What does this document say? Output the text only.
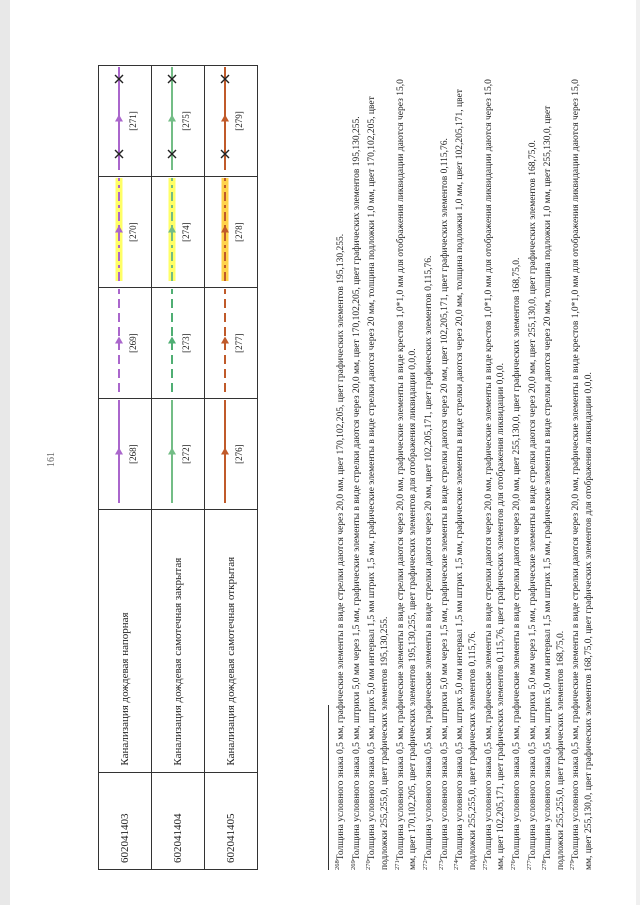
161
602041403	Канализация дождевая напорная	[268]	[269]	[270]	[271]

602041404	Канализация дождевая самотечная закрытая	[272]	[273]	[274]	[275]

602041405	Канализация дождевая самотечная открытая	[276]	[277]	[278]	[279]

$^{268}$Толщина условного знака 0,5 мм, графические элементы в виде стрелки даются через 20,0 мм, цвет 170,102,205, цвет графических элементов 195,130,255.

$^{269}$Толщина условного знака 0,5 мм, штрихи 5,0 мм через 1,5 мм, графические элементы в виде стрелки даются через 20,0 мм, цвет 170,102,205, цвет графических элементов 195,130,255.

$^{270}$Толщина условного знака 0,5 мм, штрих 5,0 мм интервал 1,5 мм штрих 1,5 мм, графические элементы в виде стрелки даются через 20 мм, толщина подложки 1,0 мм, цвет 170,102,205, цвет подложки 255,255,0, цвет графических элементов 195,130,255. $^{271}$Толщина условного знака 0,5 мм, графические элементы в виде стрелки даются через 20,0 мм, графические элементы в виде крестов 1,0*1,0 мм для отображения ликвидации даются через 15,0 мм, цвет 170,102,205, цвет графических элементов 195,130,255, цвет графических элементов для отображения ликвидации 0,0,0. $^{272}$Толщина условного знака 0,5 мм, графические элементы в виде стрелки даются через 20 мм, цвет 102,205,171, цвет графических элементов 0,115,76.

$^{273}$Толщина условного знака 0,5 мм, штрихи 5,0 мм через 1,5 мм, графические элементы в виде стрелки даются через 20 мм, цвет 102,205,171, цвет графических элементов 0,115,76.

$^{274}$Толщина условного знака 0,5 мм, штрих 5,0 мм интервал 1,5 мм штрих 1,5 мм, графические элементы в виде стрелки даются через 20,0 мм, толщина подложки 1,0 мм, цвет 102,205,171, цвет подложки 255,255,0, цвет графических элементов 0,115,76. $^{275}$Толщина условного знака 0,5 мм, графические элементы в виде стрелки даются через 20,0 мм, графические элементы в виде крестов 1,0*1,0 мм для отображения ликвидации даются через 15,0 мм, цвет 102,205,171, цвет графических элементов 0,115,76, цвет графических элементов для отображения ликвидации 0,0,0. $^{276}$Толщина условного знака 0,5 мм, графические элементы в виде стрелки даются через 20,0 мм, цвет 255,130,0, цвет графических элементов 168,75,0.

$^{277}$Толщина условного знака 0,5 мм, штрихи 5,0 мм через 1,5 мм, графические элементы в виде стрелки даются через 20,0 мм, цвет 255,130,0, цвет графических элементов 168,75,0.

$^{278}$Толщина условного знака 0,5 мм, штрих 5,0 мм интервал 1,5 мм штрих 1,5 мм, графические элементы в виде стрелки даются через 20 мм, толщина подложки 1,0 мм, цвет 255,130,0, цвет подложки 255,255,0, цвет графических элементов 168,75,0. $^{279}$Толщина условного знака 0,5 мм, графические элементы в виде стрелки даются через 20,0 мм, графические элементы в виде крестов 1,0*1,0 мм для отображения ликвидации даются через 15,0 мм, цвет 255,130,0, цвет графических элементов 168,75,0, цвет графических элементов для отображения ликвидации 0,0,0.
